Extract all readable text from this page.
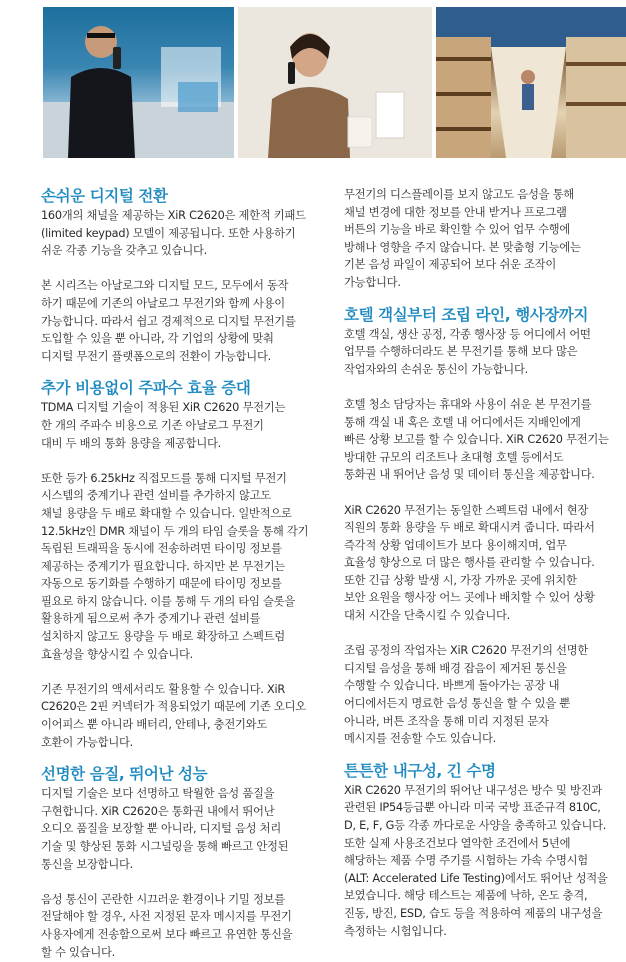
손쉬운 디지털 전환

160개의 채널을 제공하는 XiR C2620은 제한적 키패드

(limited keypad) 모델이 제공됩니다. 또한 사용하기

쉬운 각종 기능을 갖추고 있습니다.

본 시리즈는 아날로그와 디지털 모드, 모두에서 동작

하기 때문에 기존의 아날로그 무전기와 함께 사용이

가능합니다. 따라서 쉽고 경제적으로 디지털 무전기를

도입할 수 있을 뿐 아니라, 각 기업의 상황에 맞춰

디지털 무전기 플랫폼으로의 전환이 가능합니다.

추가 비용없이 주파수 효율 증대

TDMA 디지털 기술이 적용된 XiR C2620 무전기는

한 개의 주파수 비용으로 기존 아날로그 무전기

대비 두 배의 통화 용량을 제공합니다.

또한 등가 6.25kHz 직접모드를 통해 디지털 무전기

시스템의 중계기나 관련 설비를 추가하지 않고도

채널 용량을 두 배로 확대할 수 있습니다. 일반적으로

12.5kHz인 DMR 채널이 두 개의 타임 슬롯을 통해 각기

독립된 트래픽을 동시에 전송하려면 타이밍 정보를

제공하는 중계기가 필요합니다. 하지만 본 무전기는

자동으로 동기화를 수행하기 때문에 타이밍 정보를

필요로 하지 않습니다. 이를 통해 두 개의 타임 슬롯을

활용하게 됨으로써 추가 중계기나 관련 설비를

설치하지 않고도 용량을 두 배로 확장하고 스펙트럼

효율성을 향상시킬 수 있습니다.

기존 무전기의 액세서리도 활용할 수 있습니다. XiR

C2620은 2핀 커넥터가 적용되었기 때문에 기존 오디오

이어피스 뿐 아니라 배터리, 안테나, 충전기와도

호환이 가능합니다.

선명한 음질, 뛰어난 성능

디지털 기술은 보다 선명하고 탁월한 음성 품질을

구현합니다. XiR C2620은 통화권 내에서 뛰어난

오디오 품질을 보장할 뿐 아니라, 디지털 음성 처리

기술 및 향상된 통화 시그널링을 통해 빠르고 안정된

통신을 보장합니다.

음성 통신이 곤란한 시끄러운 환경이나 기밀 정보를

전달해야 할 경우, 사전 지정된 문자 메시지를 무전기

사용자에게 전송함으로써 보다 빠르고 유연한 통신을

할 수 있습니다.

무전기의 디스플레이를 보지 않고도 음성을 통해

채널 변경에 대한 정보를 안내 받거나 프로그램

버튼의 기능을 바로 확인할 수 있어 업무 수행에

방해나 영향을 주지 않습니다. 본 맞춤형 기능에는

기본 음성 파일이 제공되어 보다 쉬운 조작이

가능합니다.

호텔 객실부터 조립 라인, 행사장까지

호텔 객실, 생산 공정, 각종 행사장 등 어디에서 어떤

업무를 수행하더라도 본 무전기를 통해 보다 많은

작업자와의 손쉬운 통신이 가능합니다.

호텔 청소 담당자는 휴대와 사용이 쉬운 본 무전기를

통해 객실 내 혹은 호텔 내 어디에서든 지배인에게

빠른 상황 보고를 할 수 있습니다. XiR C2620 무전기는

방대한 규모의 리조트나 초대형 호텔 등에서도

통화권 내 뛰어난 음성 및 데이터 통신을 제공합니다.

XiR C2620 무전기는 동일한 스펙트럼 내에서 현장

직원의 통화 용량을 두 배로 확대시켜 줍니다. 따라서

즉각적 상황 업데이트가 보다 용이해지며, 업무

효율성 향상으로 더 많은 행사를 관리할 수 있습니다.

또한 긴급 상황 발생 시, 가장 가까운 곳에 위치한

보안 요원을 행사장 어느 곳에나 배치할 수 있어 상황

대처 시간을 단축시킬 수 있습니다.

조립 공정의 작업자는 XiR C2620 무전기의 선명한

디지털 음성을 통해 배경 잡음이 제거된 통신을

수행할 수 있습니다. 바쁘게 돌아가는 공장 내

어디에서든지 명료한 음성 통신을 할 수 있을 뿐

아니라, 버튼 조작을 통해 미리 지정된 문자

메시지를 전송할 수도 있습니다.

튼튼한 내구성, 긴 수명

XiR C2620 무전기의 뛰어난 내구성은 방수 및 방진과

관련된 IP54등급뿐 아니라 미국 국방 표준규격 810C,

D, E, F, G등 각종 까다로운 사양을 충족하고 있습니다.

또한 실제 사용조건보다 열악한 조건에서 5년에

해당하는 제품 수명 주기를 시험하는 가속 수명시험

(ALT: Accelerated Life Testing)에서도 뛰어난 성적을

보였습니다. 해당 테스트는 제품에 낙하, 온도 충격,

진동, 방진, ESD, 습도 등을 적용하여 제품의 내구성을

측정하는 시험입니다.
